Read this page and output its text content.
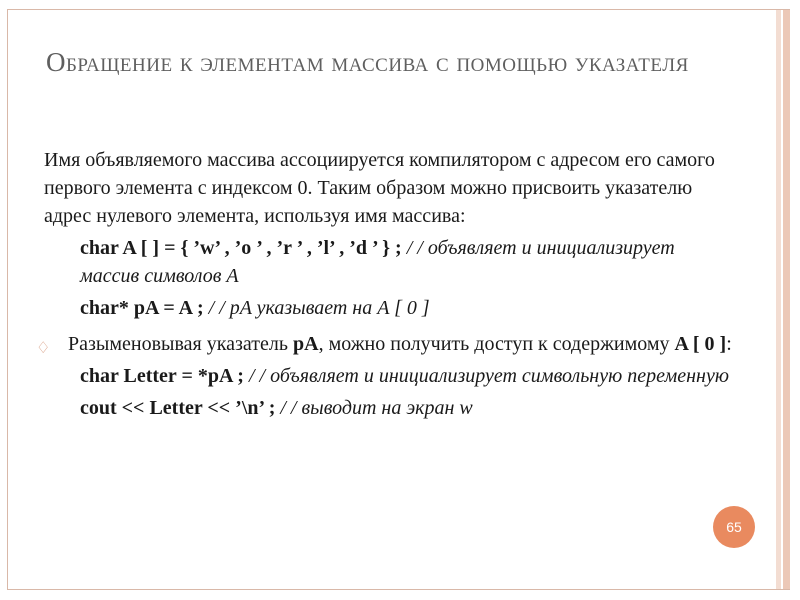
Обращение к элементам массива с помощью указателя

Имя объявляемого массива ассоциируется компилятором с адресом его самого первого элемента с индексом 0. Таким образом можно присвоить указателю адрес нулевого элемента, используя имя массива:

char A [ ] = { ’w’ , ’o ’ , ’r ’ , ’l’ , ’d ’ } ; / / объявляет и инициализирует массив символов A

char* pA = A ; / / pA указывает на A [ 0 ]

♢ Разыменовывая указатель pA, можно получить доступ к содержимому A [ 0 ]:

char Letter = *pA ; / / объявляет и инициализирует символьную переменную

cout << Letter << ’\n’ ; / / выводит на экран w

65
